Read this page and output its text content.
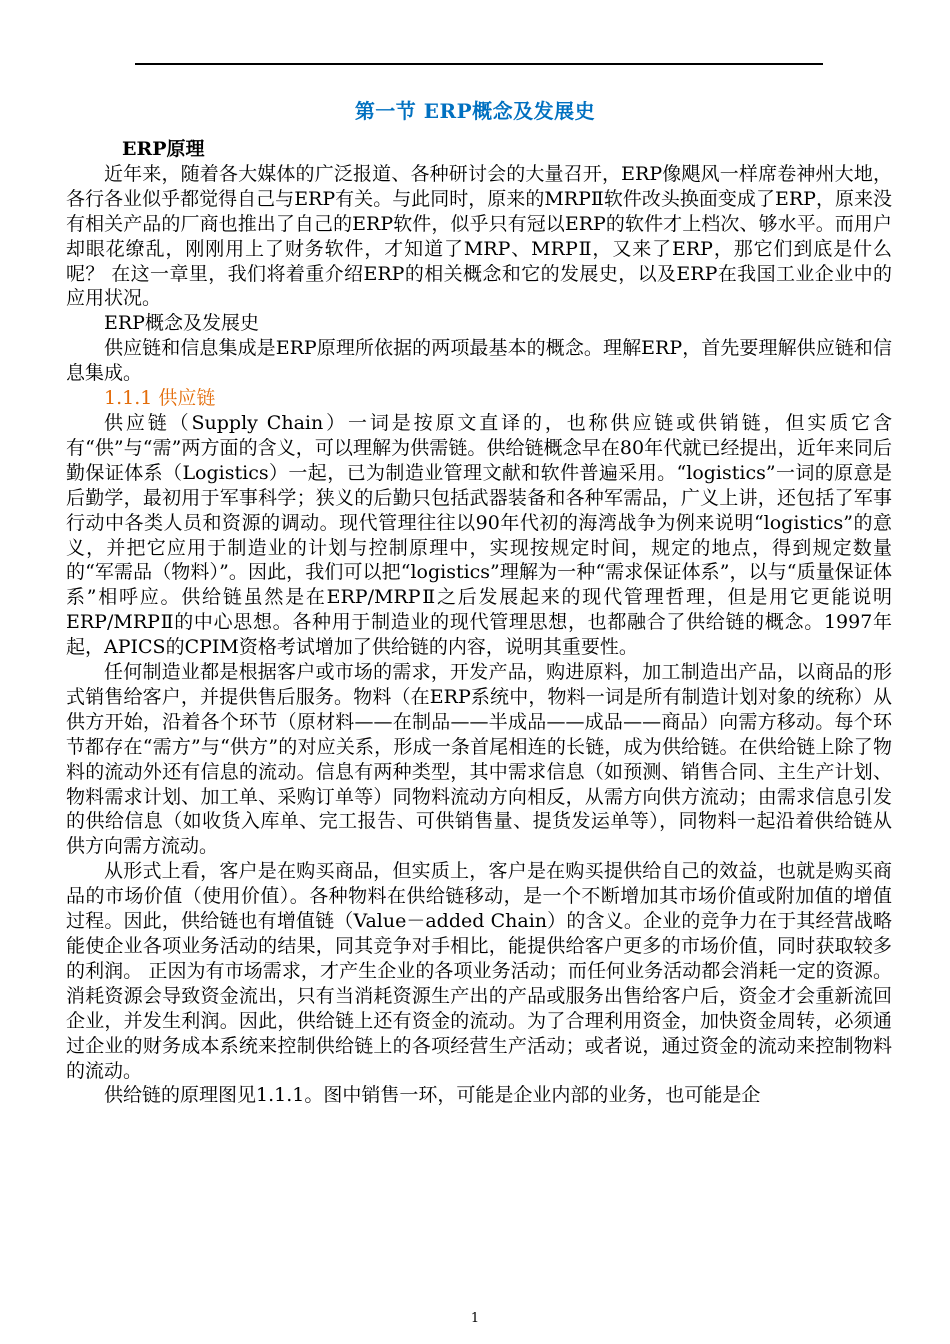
第一节 ERP概念及发展史

ERP原理

近年来，随着各大媒体的广泛报道、各种研讨会的大量召开，ERP像飓风一样席卷神州大地，各行各业似乎都觉得自己与ERP有关。与此同时，原来的MRPⅡ软件改头换面变成了ERP，原来没有相关产品的厂商也推出了自己的ERP软件，似乎只有冠以ERP的软件才上档次、够水平。而用户却眼花缭乱，刚刚用上了财务软件，才知道了MRP、MRPⅡ，又来了ERP，那它们到底是什么呢？ 在这一章里，我们将着重介绍ERP的相关概念和它的发展史，以及ERP在我国工业企业中的应用状况。

ERP概念及发展史

供应链和信息集成是ERP原理所依据的两项最基本的概念。理解ERP，首先要理解供应链和信息集成。

1.1.1 供应链

供应链（Supply Chain）一词是按原文直译的，也称供应链或供销链，但实质它含有“供”与“需”两方面的含义，可以理解为供需链。供给链概念早在80年代就已经提出，近年来同后勤保证体系（Logistics）一起，已为制造业管理文献和软件普遍采用。“logistics”一词的原意是后勤学，最初用于军事科学；狭义的后勤只包括武器装备和各种军需品，广义上讲，还包括了军事行动中各类人员和资源的调动。现代管理往往以90年代初的海湾战争为例来说明“logistics”的意义，并把它应用于制造业的计划与控制原理中，实现按规定时间，规定的地点，得到规定数量的“军需品（物料）”。因此，我们可以把“logistics”理解为一种“需求保证体系”，以与“质量保证体系”相呼应。供给链虽然是在ERP/MRPⅡ之后发展起来的现代管理哲理，但是用它更能说明ERP/MRPⅡ的中心思想。各种用于制造业的现代管理思想，也都融合了供给链的概念。1997年起，APICS的CPIM资格考试增加了供给链的内容，说明其重要性。

任何制造业都是根据客户或市场的需求，开发产品，购进原料，加工制造出产品，以商品的形式销售给客户，并提供售后服务。物料（在ERP系统中，物料一词是所有制造计划对象的统称）从供方开始，沿着各个环节（原材料——在制品——半成品——成品——商品）向需方移动。每个环节都存在“需方”与“供方”的对应关系，形成一条首尾相连的长链，成为供给链。在供给链上除了物料的流动外还有信息的流动。信息有两种类型，其中需求信息（如预测、销售合同、主生产计划、物料需求计划、加工单、采购订单等）同物料流动方向相反，从需方向供方流动；由需求信息引发的供给信息（如收货入库单、完工报告、可供销售量、提货发运单等），同物料一起沿着供给链从供方向需方流动。

从形式上看，客户是在购买商品，但实质上，客户是在购买提供给自己的效益，也就是购买商品的市场价值（使用价值）。各种物料在供给链移动，是一个不断增加其市场价值或附加值的增值过程。因此，供给链也有增值链（Value－added Chain）的含义。企业的竞争力在于其经营战略能使企业各项业务活动的结果，同其竞争对手相比，能提供给客户更多的市场价值，同时获取较多的利润。 正因为有市场需求，才产生企业的各项业务活动；而任何业务活动都会消耗一定的资源。消耗资源会导致资金流出，只有当消耗资源生产出的产品或服务出售给客户后，资金才会重新流回企业，并发生利润。因此，供给链上还有资金的流动。为了合理利用资金，加快资金周转，必须通过企业的财务成本系统来控制供给链上的各项经营生产活动；或者说，通过资金的流动来控制物料的流动。

供给链的原理图见1.1.1。图中销售一环，可能是企业内部的业务，也可能是企

1
